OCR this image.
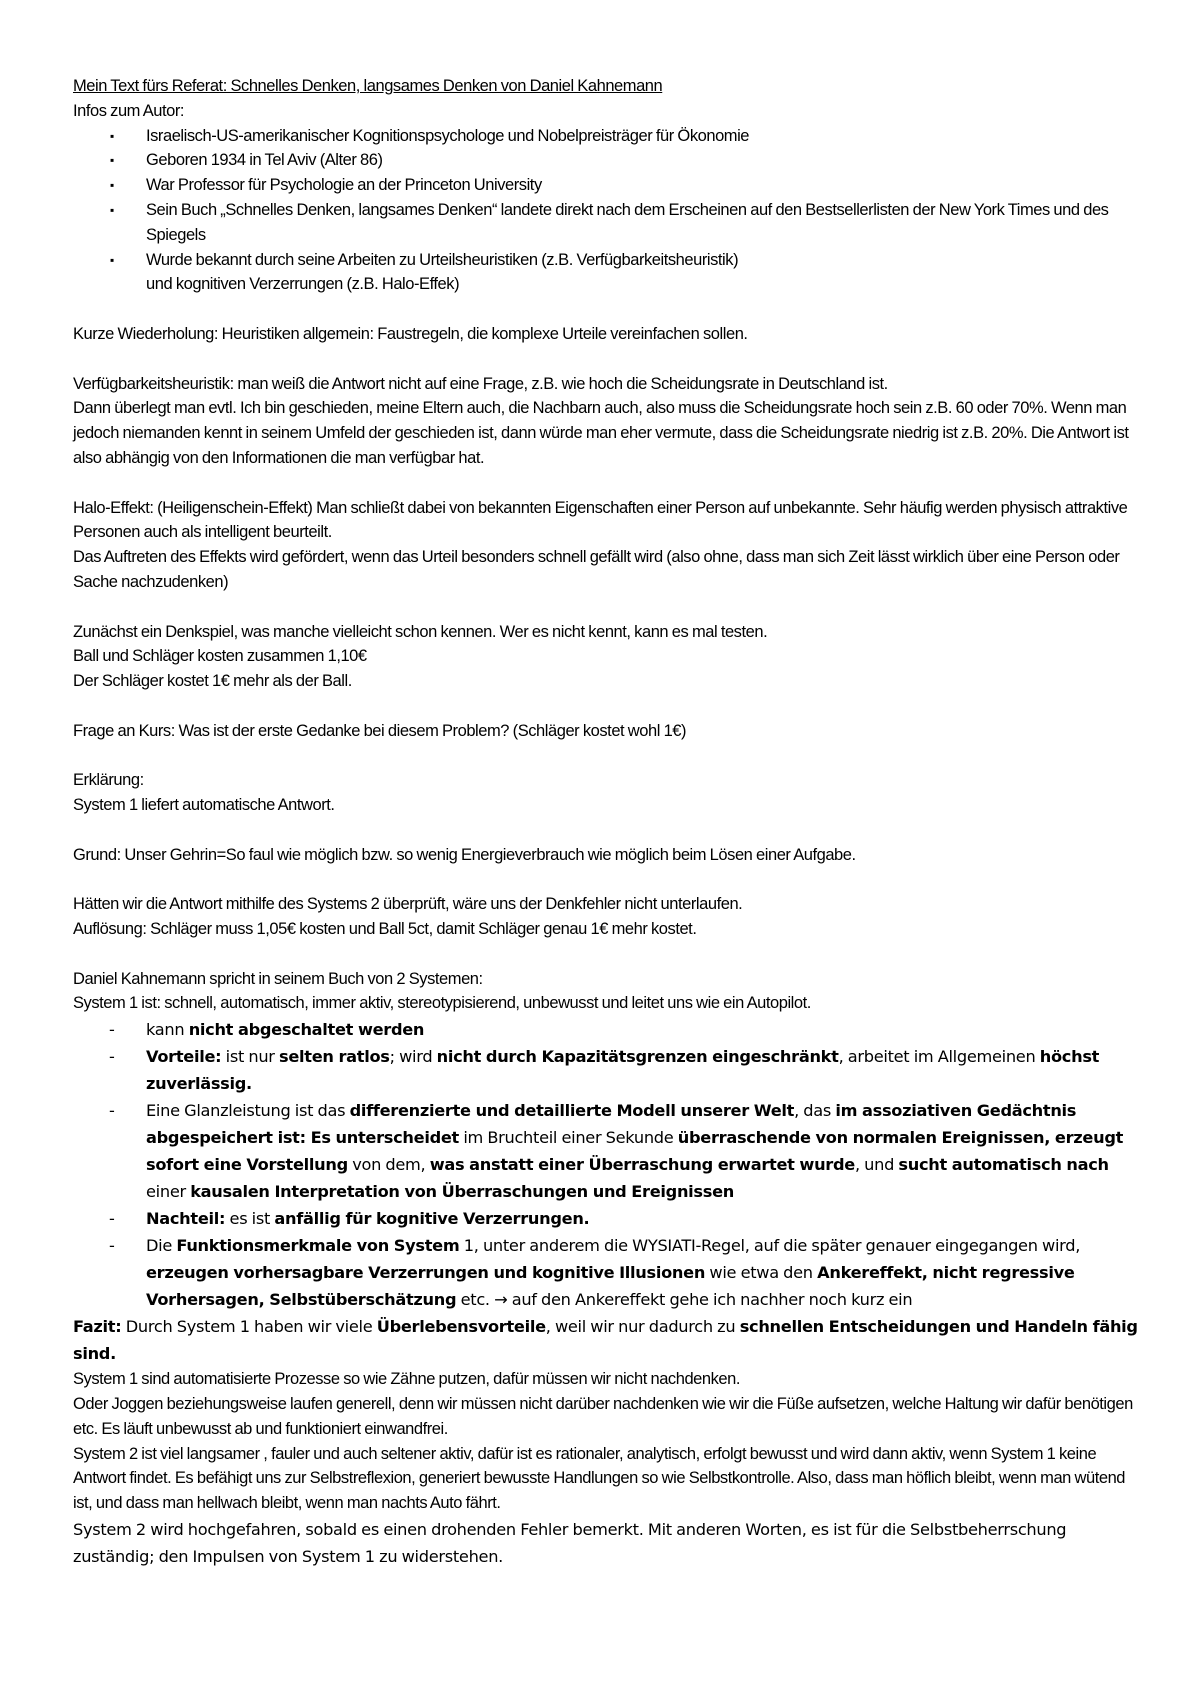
Mein Text fürs Referat: Schnelles Denken, langsames Denken von Daniel Kahnemann

Infos zum Autor:

▪ Israelisch-US-amerikanischer Kognitionspsychologe und Nobelpreisträger für Ökonomie
▪ Geboren 1934 in Tel Aviv (Alter 86)
▪ War Professor für Psychologie an der Princeton University
▪ Sein Buch „Schnelles Denken, langsames Denken“ landete direkt nach dem Erscheinen auf den Bestsellerlisten der New York Times und des Spiegels
▪ Wurde bekannt durch seine Arbeiten zu Urteilsheuristiken (z.B. Verfügbarkeitsheuristik)
und kognitiven Verzerrungen (z.B. Halo-Effek)

Kurze Wiederholung: Heuristiken allgemein: Faustregeln, die komplexe Urteile vereinfachen sollen.

Verfügbarkeitsheuristik: man weiß die Antwort nicht auf eine Frage, z.B. wie hoch die Scheidungsrate in Deutschland ist.

Dann überlegt man evtl. Ich bin geschieden, meine Eltern auch, die Nachbarn auch, also muss die Scheidungsrate hoch sein z.B. 60 oder 70%. Wenn man jedoch niemanden kennt in seinem Umfeld der geschieden ist, dann würde man eher vermute, dass die Scheidungsrate niedrig ist z.B. 20%. Die Antwort ist also abhängig von den Informationen die man verfügbar hat.

Halo-Effekt: (Heiligenschein-Effekt) Man schließt dabei von bekannten Eigenschaften einer Person auf unbekannte. Sehr häufig werden physisch attraktive Personen auch als intelligent beurteilt.

Das Auftreten des Effekts wird gefördert, wenn das Urteil besonders schnell gefällt wird (also ohne, dass man sich Zeit lässt wirklich über eine Person oder Sache nachzudenken)

Zunächst ein Denkspiel, was manche vielleicht schon kennen. Wer es nicht kennt, kann es mal testen.

Ball und Schläger kosten zusammen 1,10€

Der Schläger kostet 1€ mehr als der Ball.

Frage an Kurs: Was ist der erste Gedanke bei diesem Problem? (Schläger kostet wohl 1€)

Erklärung:

System 1 liefert automatische Antwort.

Grund: Unser Gehrin=So faul wie möglich bzw. so wenig Energieverbrauch wie möglich beim Lösen einer Aufgabe.

Hätten wir die Antwort mithilfe des Systems 2 überprüft, wäre uns der Denkfehler nicht unterlaufen.

Auflösung: Schläger muss 1,05€ kosten und Ball 5ct, damit Schläger genau 1€ mehr kostet.

Daniel Kahnemann spricht in seinem Buch von 2 Systemen:

System 1 ist: schnell, automatisch, immer aktiv, stereotypisierend, unbewusst und leitet uns wie ein Autopilot.

- kann nicht abgeschaltet werden
- Vorteile: ist nur selten ratlos; wird nicht durch Kapazitätsgrenzen eingeschränkt, arbeitet im Allgemeinen höchst zuverlässig.
- Eine Glanzleistung ist das differenzierte und detaillierte Modell unserer Welt, das im assoziativen Gedächtnis abgespeichert ist: Es unterscheidet im Bruchteil einer Sekunde überraschende von normalen Ereignissen, erzeugt sofort eine Vorstellung von dem, was anstatt einer Überraschung erwartet wurde, und sucht automatisch nach einer kausalen Interpretation von Überraschungen und Ereignissen
- Nachteil: es ist anfällig für kognitive Verzerrungen.
- Die Funktionsmerkmale von System 1, unter anderem die WYSIATI-Regel, auf die später genauer eingegangen wird, erzeugen vorhersagbare Verzerrungen und kognitive Illusionen wie etwa den Ankereffekt, nicht regressive Vorhersagen, Selbstüberschätzung etc. → auf den Ankereffekt gehe ich nachher noch kurz ein

Fazit: Durch System 1 haben wir viele Überlebensvorteile, weil wir nur dadurch zu schnellen Entscheidungen und Handeln fähig sind.

System 1 sind automatisierte Prozesse so wie Zähne putzen, dafür müssen wir nicht nachdenken.

Oder Joggen beziehungsweise laufen generell, denn wir müssen nicht darüber nachdenken wie wir die Füße aufsetzen, welche Haltung wir dafür benötigen etc. Es läuft unbewusst ab und funktioniert einwandfrei.

System 2 ist viel langsamer , fauler und auch seltener aktiv, dafür ist es rationaler, analytisch, erfolgt bewusst und wird dann aktiv, wenn System 1 keine Antwort findet. Es befähigt uns zur Selbstreflexion, generiert bewusste Handlungen so wie Selbstkontrolle. Also, dass man höflich bleibt, wenn man wütend ist, und dass man hellwach bleibt, wenn man nachts Auto fährt.

System 2 wird hochgefahren, sobald es einen drohenden Fehler bemerkt. Mit anderen Worten, es ist für die Selbstbeherrschung zuständig; den Impulsen von System 1 zu widerstehen.
